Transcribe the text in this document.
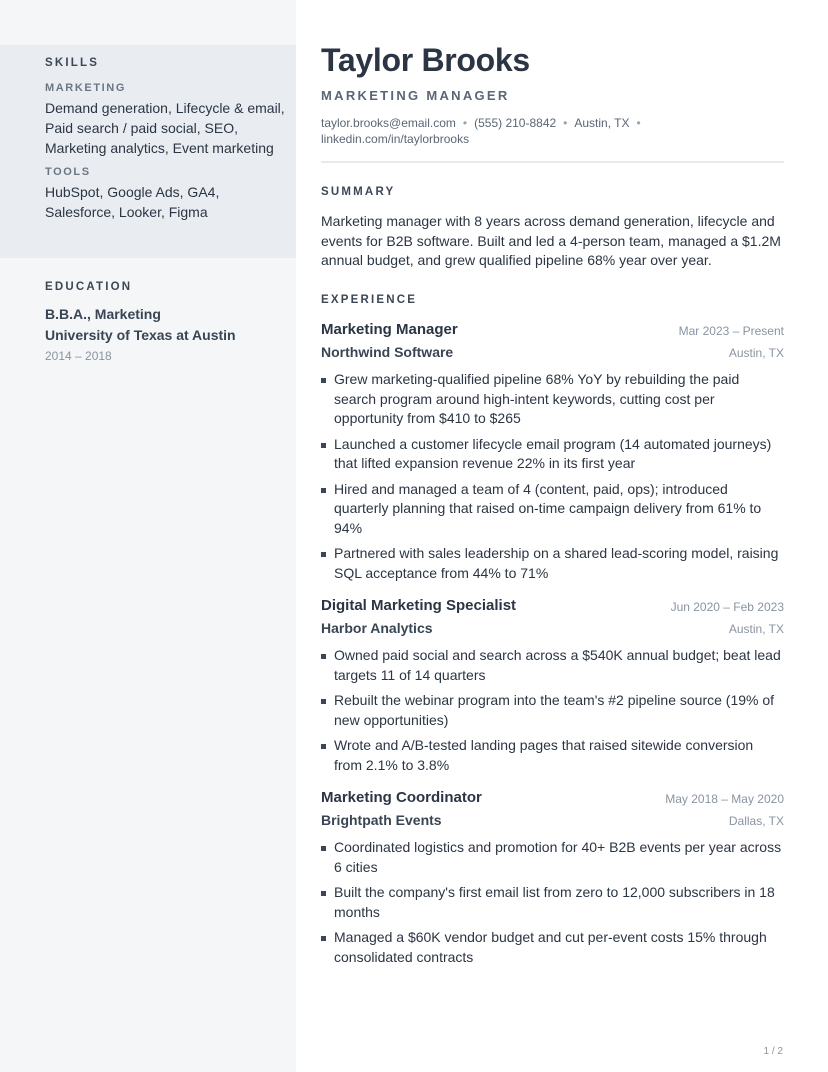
SKILLS
MARKETING
Demand generation, Lifecycle & email, Paid search / paid social, SEO, Marketing analytics, Event marketing
TOOLS
HubSpot, Google Ads, GA4, Salesforce, Looker, Figma
EDUCATION
B.B.A., Marketing
University of Texas at Austin
2014 – 2018
Taylor Brooks
MARKETING MANAGER
taylor.brooks@email.com • (555) 210-8842 • Austin, TX •
linkedin.com/in/taylorbrooks
SUMMARY
Marketing manager with 8 years across demand generation, lifecycle and events for B2B software. Built and led a 4-person team, managed a $1.2M annual budget, and grew qualified pipeline 68% year over year.
EXPERIENCE
Marketing Manager	Mar 2023 – Present
Northwind Software	Austin, TX
Grew marketing-qualified pipeline 68% YoY by rebuilding the paid search program around high-intent keywords, cutting cost per opportunity from $410 to $265
Launched a customer lifecycle email program (14 automated journeys) that lifted expansion revenue 22% in its first year
Hired and managed a team of 4 (content, paid, ops); introduced quarterly planning that raised on-time campaign delivery from 61% to 94%
Partnered with sales leadership on a shared lead-scoring model, raising SQL acceptance from 44% to 71%
Digital Marketing Specialist	Jun 2020 – Feb 2023
Harbor Analytics	Austin, TX
Owned paid social and search across a $540K annual budget; beat lead targets 11 of 14 quarters
Rebuilt the webinar program into the team's #2 pipeline source (19% of new opportunities)
Wrote and A/B-tested landing pages that raised sitewide conversion from 2.1% to 3.8%
Marketing Coordinator	May 2018 – May 2020
Brightpath Events	Dallas, TX
Coordinated logistics and promotion for 40+ B2B events per year across 6 cities
Built the company's first email list from zero to 12,000 subscribers in 18 months
Managed a $60K vendor budget and cut per-event costs 15% through consolidated contracts
1 / 2
